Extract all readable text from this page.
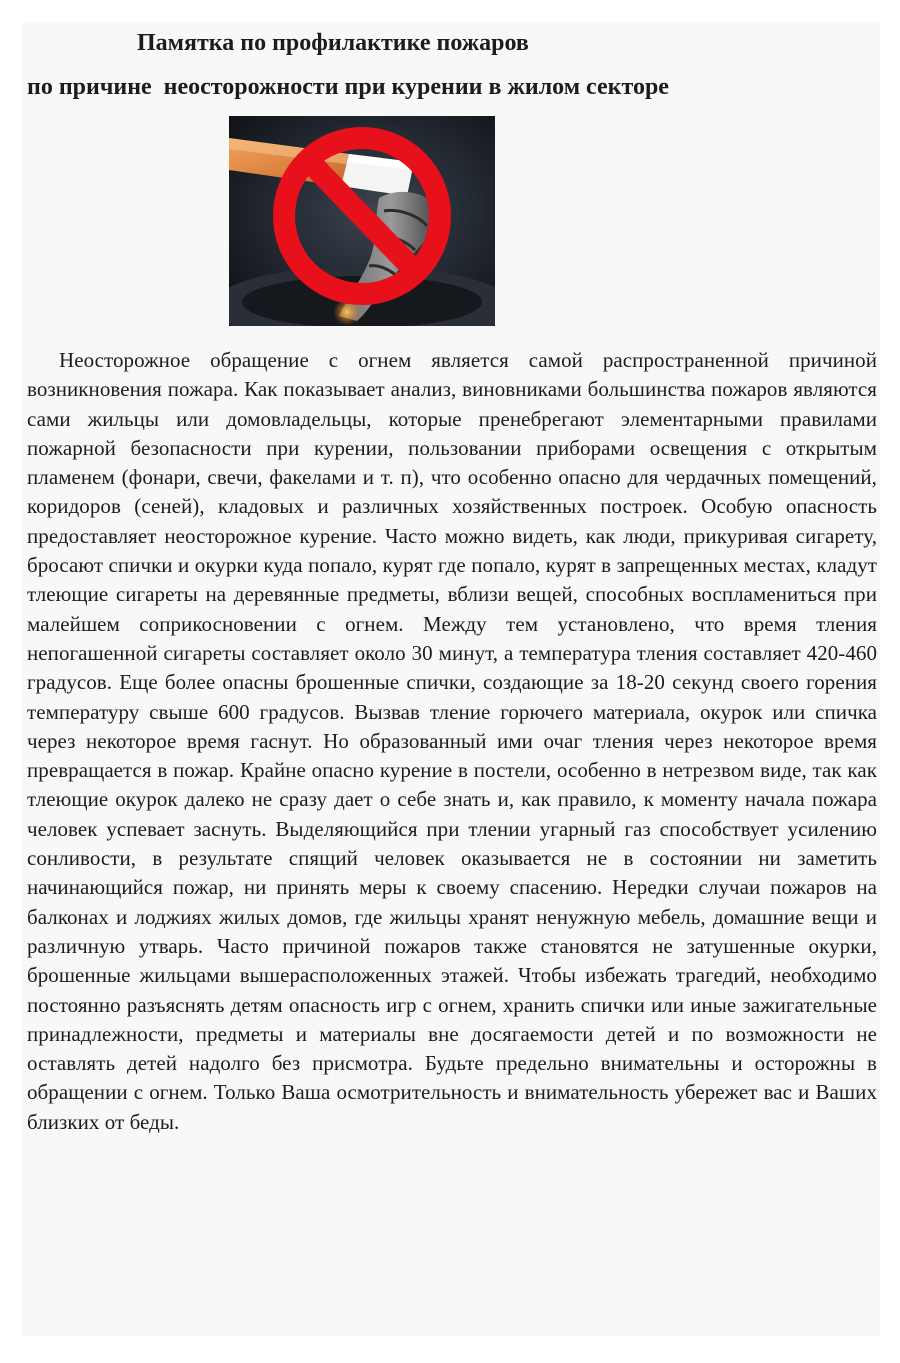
Памятка по профилактике пожаров
по причине  неосторожности при курении в жилом секторе

Неосторожное обращение с огнем является самой распространенной причиной возникновения пожара. Как показывает анализ, виновниками большинства пожаров являются сами жильцы или домовладельцы, которые пренебрегают элементарными правилами пожарной безопасности при курении, пользовании приборами освещения с открытым пламенем (фонари, свечи, факелами и т. п), что особенно опасно для чердачных помещений, коридоров (сеней), кладовых и различных хозяйственных построек. Особую опасность предоставляет неосторожное курение. Часто можно видеть, как люди, прикуривая сигарету, бросают спички и окурки куда попало, курят где попало, курят в запрещенных местах, кладут тлеющие сигареты на деревянные предметы, вблизи вещей, способных воспламениться при малейшем соприкосновении с огнем. Между тем установлено, что время тления непогашенной сигареты составляет около 30 минут, а температура тления составляет 420-460 градусов. Еще более опасны брошенные спички, создающие за 18-20 секунд своего горения температуру свыше 600 градусов. Вызвав тление горючего материала, окурок или спичка через некоторое время гаснут. Но образованный ими очаг тления через некоторое время превращается в пожар. Крайне опасно курение в постели, особенно в нетрезвом виде, так как тлеющие окурок далеко не сразу дает о себе знать и, как правило, к моменту начала пожара человек успевает заснуть. Выделяющийся при тлении угарный газ способствует усилению сонливости, в результате спящий человек оказывается не в состоянии ни заметить начинающийся пожар, ни принять меры к своему спасению. Нередки случаи пожаров на балконах и лоджиях жилых домов, где жильцы хранят ненужную мебель, домашние вещи и различную утварь. Часто причиной пожаров также становятся не затушенные окурки, брошенные жильцами вышерасположенных этажей. Чтобы избежать трагедий, необходимо постоянно разъяснять детям опасность игр с огнем, хранить спички или иные зажигательные принадлежности, предметы и материалы вне досягаемости детей и по возможности не оставлять детей надолго без присмотра. Будьте предельно внимательны и осторожны в обращении с огнем. Только Ваша осмотрительность и внимательность убережет вас и Ваших близких от беды.
